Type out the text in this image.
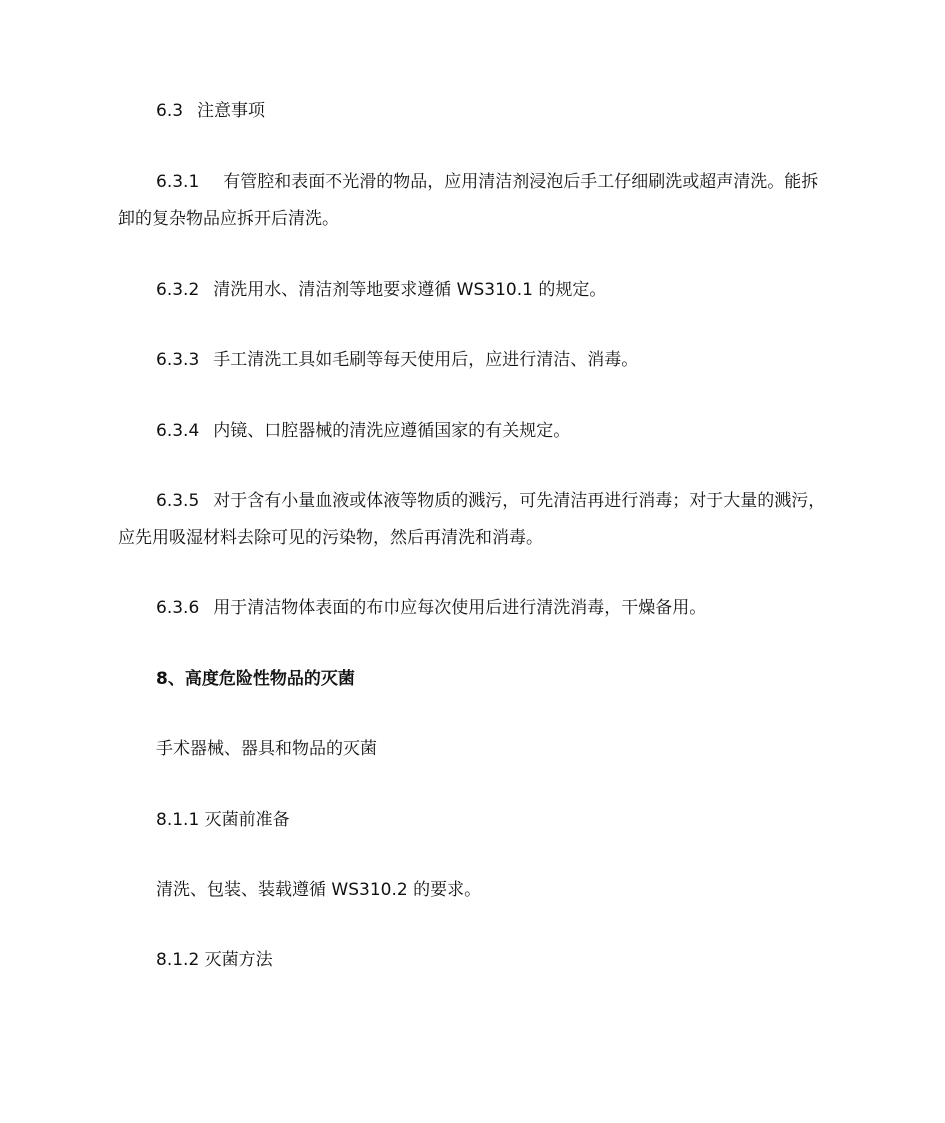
6.3 注意事项

6.3.1 有管腔和表面不光滑的物品，应用清洁剂浸泡后手工仔细刷洗或超声清洗。能拆卸的复杂物品应拆开后清洗。

6.3.2 清洗用水、清洁剂等地要求遵循 WS310.1 的规定。

6.3.3 手工清洗工具如毛刷等每天使用后，应进行清洁、消毒。

6.3.4 内镜、口腔器械的清洗应遵循国家的有关规定。

6.3.5 对于含有小量血液或体液等物质的溅污，可先清洁再进行消毒；对于大量的溅污，应先用吸湿材料去除可见的污染物，然后再清洗和消毒。

6.3.6 用于清洁物体表面的布巾应每次使用后进行清洗消毒，干燥备用。

8、高度危险性物品的灭菌

手术器械、器具和物品的灭菌

8.1.1 灭菌前准备

清洗、包装、装载遵循 WS310.2 的要求。

8.1.2 灭菌方法
